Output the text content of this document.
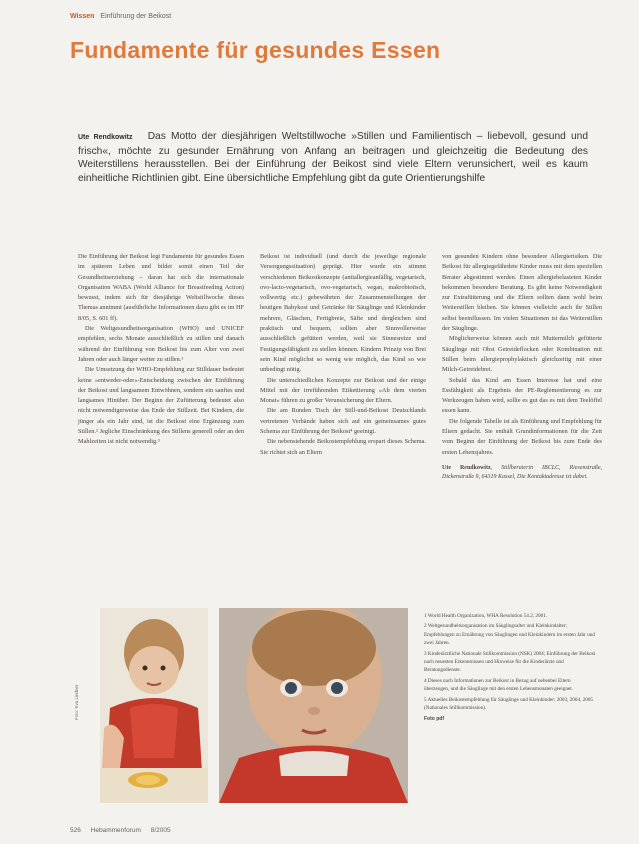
Wissen Einführung der Beikost
Fundamente für gesundes Essen
Ute Rendkowitz Das Motto der diesjährigen Weltstillwoche »Stillen und Familientisch – liebevoll, gesund und frisch«, möchte zu gesunder Ernährung von Anfang an beitragen und gleichzeitig die Bedeutung des Weiterstillens herausstellen. Bei der Einführung der Beikost sind viele Eltern verunsichert, weil es kaum einheitliche Richtlinien gibt. Eine übersichtliche Empfehlung gibt da gute Orientierungshilfe

Die Einführung der Beikost legt Fundamente für gesundes Essen im späteren Leben und bildet somit einen Teil der Gesundheitserziehung – daran hat sich die internationale Organisation WABA (World Alliance for Breastfeeding Action) bewusst, indem sich für diesjährige Weltstillwoche dieses Themas annimmt (ausführliche Informationen dazu gibt es im HF 8/05, S. 601 ff).

Die Weltgesundheitsorganisation (WHO) und UNICEF empfehlen, sechs Monate ausschließlich zu stillen und danach während der Einführung von Beikost bis zum Alter von zwei Jahren oder auch länger weiter zu stillen.¹

Die Umsetzung der WHO-Empfehlung zur Stilldauer bedeutet keine »entweder-oder«-Entscheidung zwischen der Einführung der Beikost und langsamem Entwöhnen, sondern ein sanftes und langsames Hinüber. Der Beginn der Zufütterung bedeutet also nicht notwendigerweise das Ende der Stillzeit. Bei Kindern, die jünger als ein Jahr sind, ist die Beikost eine Ergänzung zum Stillen.² Jegliche Einschränkung des Stillens generell oder an den Mahlzeiten ist nicht notwendig.³

Beikost ist individuell (und durch die jeweilige regionale Versorgungssituation) geprägt. Hier wurde ein stimmt verschiedenen Beikostkonzepte (antiallergieanfällig, vegetarisch, ovo-lacto-vegetarisch, ovo-vegetarisch, vegan, makrobiotisch, vollwertig etc.) gebewährten der Zusammenstellungen der heutigen Babykost und Getränke für Säuglinge und Kleinkinder mehrere, Gläschen, Fertigbreie, Säfte und dergleichen sind praktisch und bequem, sollten aber Sinnvollerweise ausschließlich gefüttert werden, weil sie Sinnesreize und Festigungsfähigkeit zu stellen können. Kindern Prinzip von Brei sein Kind möglichst so wenig wie möglich, das Kind so wie unbedingt nötig.

Die unterschiedlichen Konzepte zur Beikost und der einige Mittel mit der irreführenden Etikettierung »Ab dem vierten Monat« führen zu großer Verunsicherung der Eltern.

Die am Runden Tisch der Still-und-Beikost Deutschlands vertretenen Verbände haben sich auf ein gemeinsames gutes Schema zur Einführung der Beikost⁴ geeinigt.

Die nebenstehende Beikostempfehlung erspart dieses Schema. Sie richtet sich an Eltern

von gesunden Kindern ohne besondere Allergierisiken. Die Beikost für allergiegefährdete Kinder muss mit dem speziellen Berater abgestimmt werden. Einen allergiebelasteten Kinder bekommen besondere Beratung. Es gibt keine Notwendigkeit zur Extrafütterung und die Eltern sollten dann wohl beim Weiterstillen bleiben. Sie können vielleicht auch ihr Stillen selbst beeinflussen. Im vielen Situationen ist das Weiterstillen der Säuglinge.

Möglicherweise können auch mit Muttermilch gefütterte Säuglinge mit Obst Getreideflocken oder Kombination mit Stillen beim allergieprophylaktisch gleichzeitig mit einer Milch-Getreidebrei.

Sobald das Kind am Essen Interesse hat und eine Essfähigkeit als Ergebnis der PE-Reglementierung es zur Werkzeugen haben wird, sollte es gut das es mit dem Teelöffel essen kann.

Die folgende Tabelle ist als Einführung und Empfehlung für Eltern gedacht. Sie enthält Grundinformationen für die Zeit vom Beginn der Einführung der Beikost bis zum Ende des ersten Lebensjahres.

Ute Rendkowitz, Stillberaterin IBCLC, Riesenstraße, Dickenstraße 9, 64319 Kassel, Die Kontaktadresse ist dabei.
Foto: Eva Lindner
1 World Health Organization, WHA Resolution 54.2, 2001.
2 Weltgesundheitsorganisation im Säuglingsalter und Kleinkindalter; Empfehlungen zu Ernährung von Säuglingen und Kleinkindern im ersten Jahr und zwei Jahren.
3 Kinderärztliche Nationale Stillkommission (NSK) 2004; Einführung der Beikost nach neuesten Erkenntnissen und Hinweise für die Kinderärzte und Beratungsdienste.
4 Dieses nach Informationen zur Beikost in Bezug auf nebenbei Eltern überzeugen, und die Säuglinge mit den ersten Lebensmonaten geeignet.
5 Aktuelles Beikostempfehlung für Säuglinge und Kleinkinder; 2003, 2004, 2005 (Nationales Stillkommission).
Foto pdf
526 Hebammenforum 8/2005
